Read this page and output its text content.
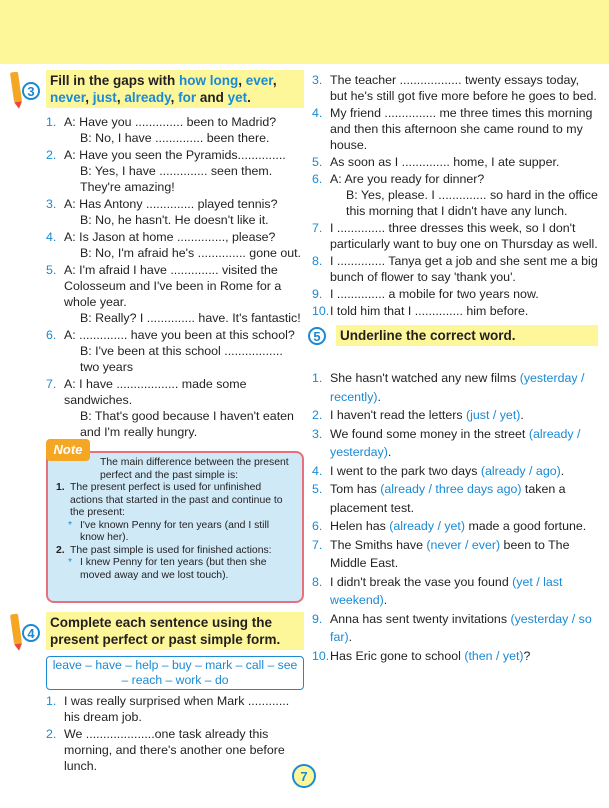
3
Fill in the gaps with how long, ever, never, just, already, for and yet.
1. A: Have you .............. been to Madrid?
B: No, I have .............. been there.
2. A: Have you seen the Pyramids..............
B: Yes, I have .............. seen them. They're amazing!
3. A: Has Antony .............. played tennis?
B: No, he hasn't. He doesn't like it.
4. A: Is Jason at home .............., please?
B: No, I'm afraid he's .............. gone out.
5. A: I'm afraid I have .............. visited the Colosseum and I've been in Rome for a whole year.
B: Really? I .............. have. It's fantastic!
6. A: .............. have you been at this school?
B: I've been at this school ................. two years
7. A: I have .................. made some sandwiches.
B: That's good because I haven't eaten and I'm really hungry.
Note

The main difference between the present perfect and the past simple is:

1. The present perfect is used for unfinished actions that started in the past and continue to the present:

* I've known Penny for ten years (and I still know her).

2. The past simple is used for finished actions:

* I knew Penny for ten years (but then she moved away and we lost touch).

4
Complete each sentence using the present perfect or past simple form.
leave – have – help – buy – mark – call – see – reach – work – do
1. I was really surprised when Mark ............ his dream job.
2. We ....................one task already this morning, and there's another one before lunch.
3. The teacher .................. twenty essays today, but he's still got five more before he goes to bed.
4. My friend ............... me three times this morning and then this afternoon she came round to my house.
5. As soon as I .............. home, I ate supper.
6. A: Are you ready for dinner?
B: Yes, please. I .............. so hard in the office this morning that I didn't have any lunch.
7. I .............. three dresses this week, so I don't particularly want to buy one on Thursday as well.
8. I .............. Tanya get a job and she sent me a big bunch of flower to say 'thank you'.
9. I .............. a mobile for two years now.
10. I told him that I .............. him before.
5	Underline the correct word.
1. She hasn't watched any new films (yesterday / recently).
2. I haven't read the letters (just / yet).
3. We found some money in the street (already / yesterday).
4. I went to the park two days (already / ago).
5. Tom has (already / three days ago) taken a placement test.
6. Helen has (already / yet) made a good fortune.
7. The Smiths have (never / ever) been to The Middle East.
8. I didn't break the vase you found (yet / last weekend).
9. Anna has sent twenty invitations (yesterday / so far).
10. Has Eric gone to school (then / yet)?
7
